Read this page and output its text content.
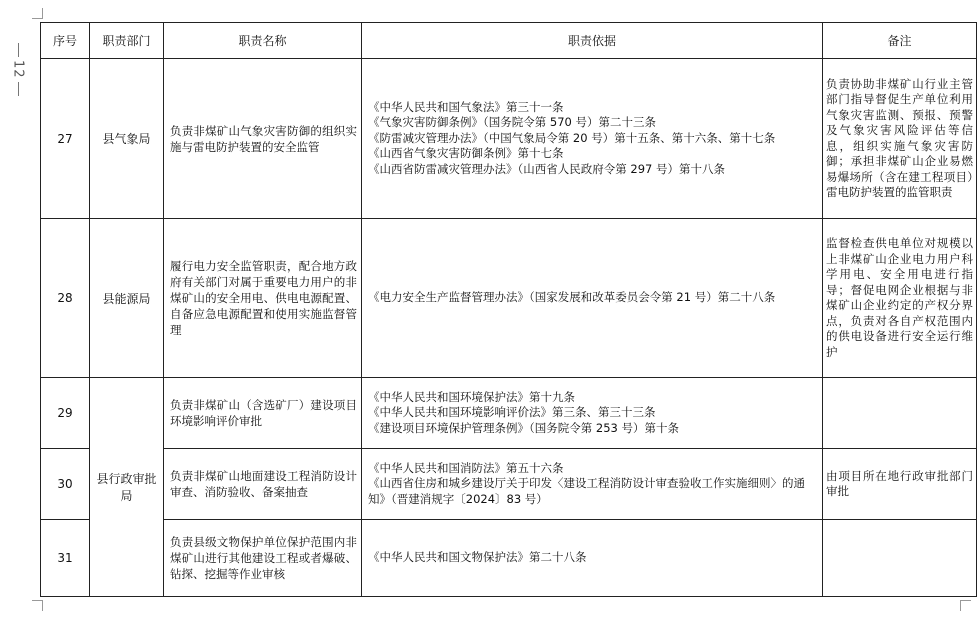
12
序号	职责部门	职责名称	职责依据	备注
27	县气象局	负责非煤矿山气象灾害防御的组织实施与雷电防护装置的安全监管	《中华人民共和国气象法》第三十一条
《气象灾害防御条例》（国务院令第 570 号）第二十三条
《防雷减灾管理办法》（中国气象局令第 20 号）第十五条、第十六条、第十七条
《山西省气象灾害防御条例》第十七条
《山西省防雷减灾管理办法》（山西省人民政府令第 297 号）第十八条	负责协助非煤矿山行业主管部门指导督促生产单位利用气象灾害监测、预报、预警及气象灾害风险评估等信息，组织实施气象灾害防御；承担非煤矿山企业易燃易爆场所（含在建工程项目）雷电防护装置的监管职责
28	县能源局	履行电力安全监管职责，配合地方政府有关部门对属于重要电力用户的非煤矿山的安全用电、供电电源配置、自备应急电源配置和使用实施监督管理	《电力安全生产监督管理办法》（国家发展和改革委员会令第 21 号）第二十八条	监督检查供电单位对规模以上非煤矿山企业电力用户科学用电、安全用电进行指导；督促电网企业根据与非煤矿山企业约定的产权分界点，负责对各自产权范围内的供电设备进行安全运行维护
29	县行政审批局	负责非煤矿山（含选矿厂）建设项目环境影响评价审批	《中华人民共和国环境保护法》第十九条
《中华人民共和国环境影响评价法》第三条、第三十三条
《建设项目环境保护管理条例》（国务院令第 253 号）第十条	

30		负责非煤矿山地面建设工程消防设计审查、消防验收、备案抽查	《中华人民共和国消防法》第五十六条
《山西省住房和城乡建设厅关于印发〈建设工程消防设计审查验收工作实施细则〉的通知》（晋建消规字〔2024〕83 号）	由项目所在地行政审批部门审批
31		负责县级文物保护单位保护范围内非煤矿山进行其他建设工程或者爆破、钻探、挖掘等作业审核	《中华人民共和国文物保护法》第二十八条	
